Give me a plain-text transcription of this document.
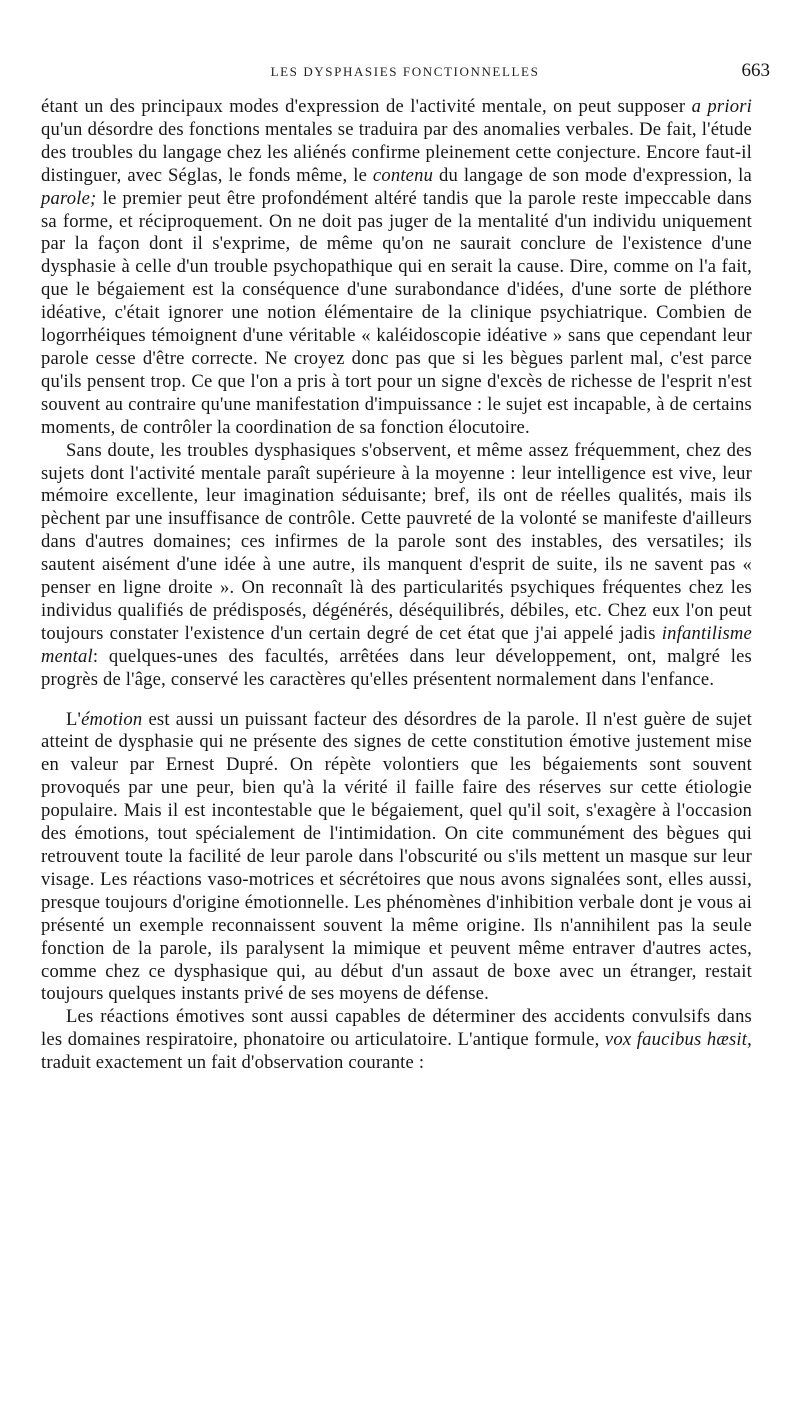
LES DYSPHASIES FONCTIONNELLES	663

étant un des principaux modes d'expression de l'activité mentale, on peut supposer a priori qu'un désordre des fonctions mentales se traduira par des anomalies verbales. De fait, l'étude des troubles du langage chez les aliénés confirme pleinement cette conjecture. Encore faut-il distinguer, avec Séglas, le fonds même, le contenu du langage de son mode d'expression, la parole; le premier peut être profondément altéré tandis que la parole reste impeccable dans sa forme, et réciproquement. On ne doit pas juger de la mentalité d'un individu uniquement par la façon dont il s'exprime, de même qu'on ne saurait conclure de l'existence d'une dysphasie à celle d'un trouble psychopathique qui en serait la cause. Dire, comme on l'a fait, que le bégaiement est la conséquence d'une surabondance d'idées, d'une sorte de pléthore idéative, c'était ignorer une notion élémentaire de la clinique psychiatrique. Combien de logorrhéiques témoignent d'une véritable « kaléidoscopie idéative » sans que cependant leur parole cesse d'être correcte. Ne croyez donc pas que si les bègues parlent mal, c'est parce qu'ils pensent trop. Ce que l'on a pris à tort pour un signe d'excès de richesse de l'esprit n'est souvent au contraire qu'une manifestation d'impuissance : le sujet est incapable, à de certains moments, de contrôler la coordination de sa fonction élocutoire.

Sans doute, les troubles dysphasiques s'observent, et même assez fréquemment, chez des sujets dont l'activité mentale paraît supérieure à la moyenne : leur intelligence est vive, leur mémoire excellente, leur imagination séduisante; bref, ils ont de réelles qualités, mais ils pèchent par une insuffisance de contrôle. Cette pauvreté de la volonté se manifeste d'ailleurs dans d'autres domaines; ces infirmes de la parole sont des instables, des versatiles; ils sautent aisément d'une idée à une autre, ils manquent d'esprit de suite, ils ne savent pas « penser en ligne droite ». On reconnaît là des particularités psychiques fréquentes chez les individus qualifiés de prédisposés, dégénérés, déséquilibrés, débiles, etc. Chez eux l'on peut toujours constater l'existence d'un certain degré de cet état que j'ai appelé jadis infantilisme mental: quelques-unes des facultés, arrêtées dans leur développement, ont, malgré les progrès de l'âge, conservé les caractères qu'elles présentent normalement dans l'enfance.

L'émotion est aussi un puissant facteur des désordres de la parole. Il n'est guère de sujet atteint de dysphasie qui ne présente des signes de cette constitution émotive justement mise en valeur par Ernest Dupré. On répète volontiers que les bégaiements sont souvent provoqués par une peur, bien qu'à la vérité il faille faire des réserves sur cette étiologie populaire. Mais il est incontestable que le bégaiement, quel qu'il soit, s'exagère à l'occasion des émotions, tout spécialement de l'intimidation. On cite communément des bègues qui retrouvent toute la facilité de leur parole dans l'obscurité ou s'ils mettent un masque sur leur visage. Les réactions vaso-motrices et sécrétoires que nous avons signalées sont, elles aussi, presque toujours d'origine émotionnelle. Les phénomènes d'inhibition verbale dont je vous ai présenté un exemple reconnaissent souvent la même origine. Ils n'annihilent pas la seule fonction de la parole, ils paralysent la mimique et peuvent même entraver d'autres actes, comme chez ce dysphasique qui, au début d'un assaut de boxe avec un étranger, restait toujours quelques instants privé de ses moyens de défense.

Les réactions émotives sont aussi capables de déterminer des accidents convulsifs dans les domaines respiratoire, phonatoire ou articulatoire. L'antique formule, vox faucibus hæsit, traduit exactement un fait d'observation courante :
